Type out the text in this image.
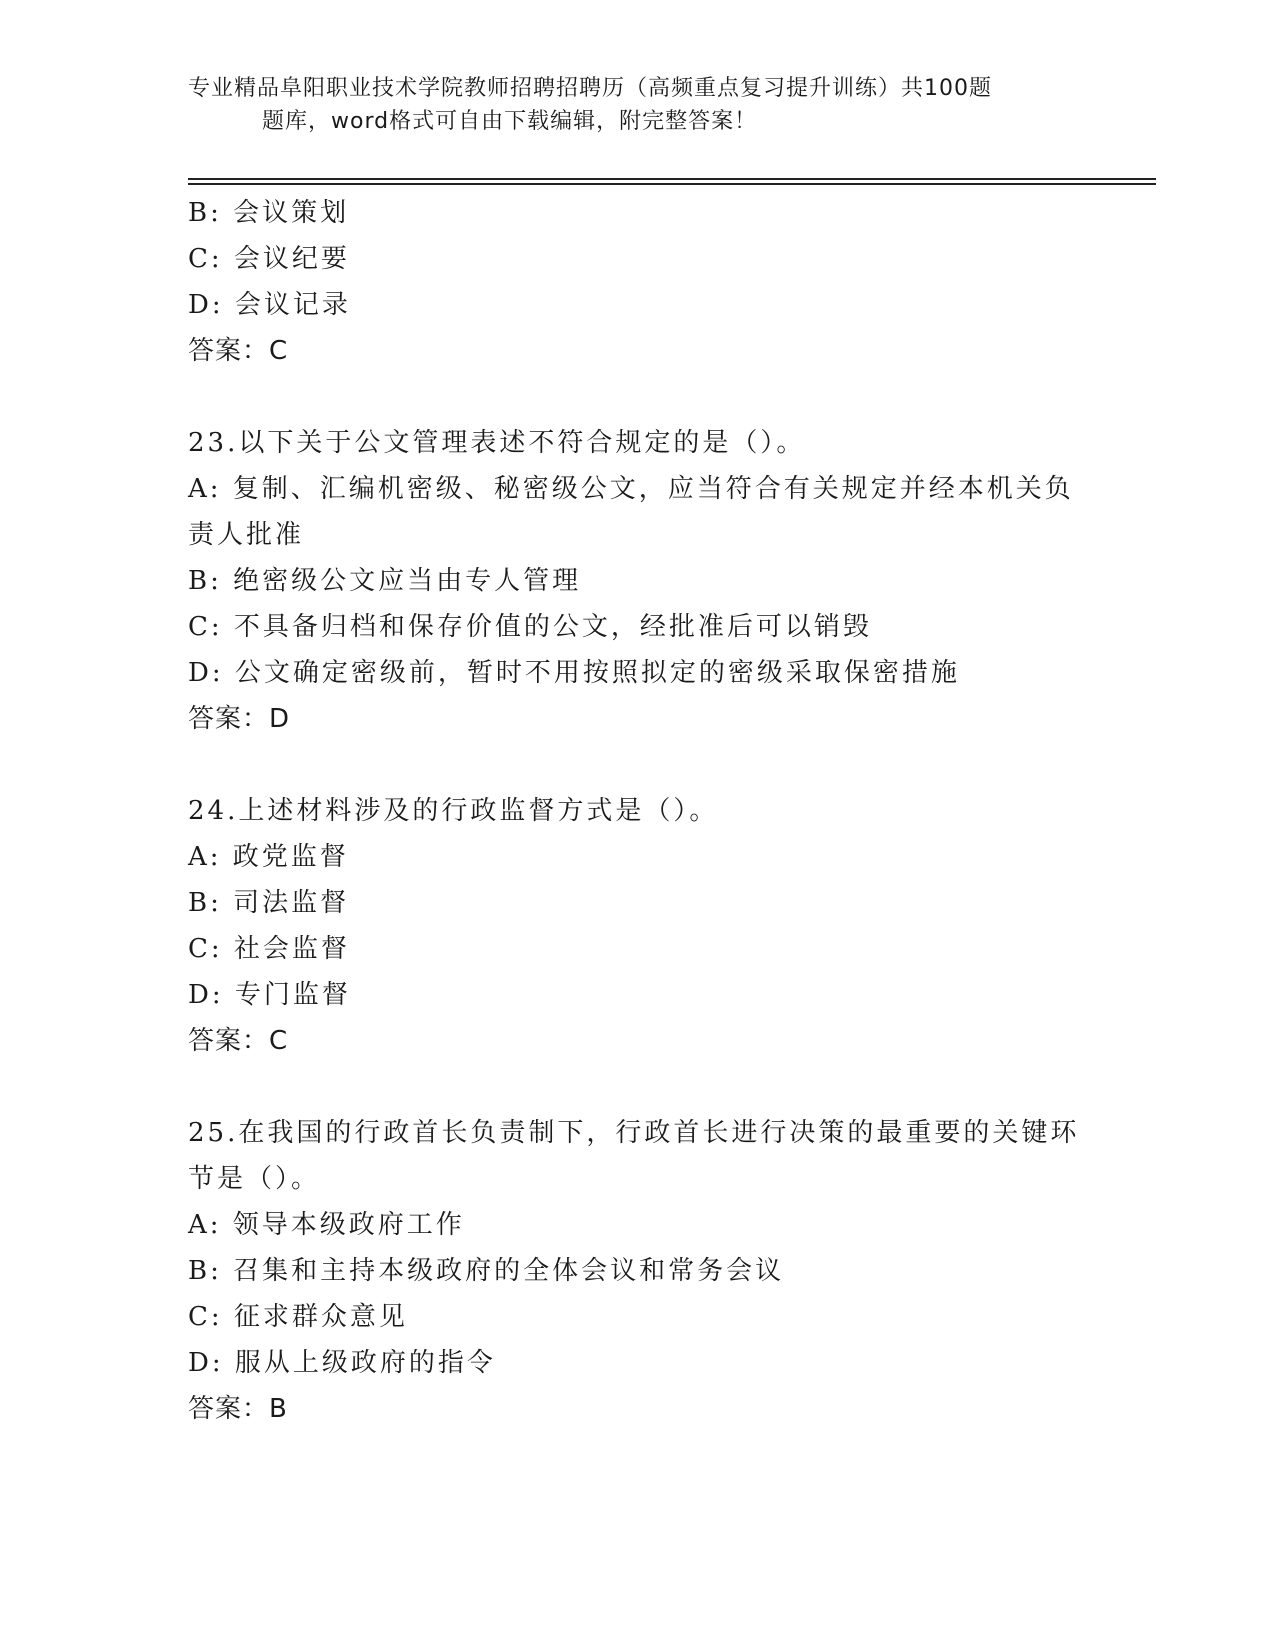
专业精品阜阳职业技术学院教师招聘招聘历（高频重点复习提升训练）共100题
题库，word格式可自由下载编辑，附完整答案！
B: 会议策划
C: 会议纪要
D: 会议记录
答案：C
23.以下关于公文管理表述不符合规定的是（）。
A: 复制、汇编机密级、秘密级公文，应当符合有关规定并经本机关负
责人批准
B: 绝密级公文应当由专人管理
C: 不具备归档和保存价值的公文，经批准后可以销毁
D: 公文确定密级前，暂时不用按照拟定的密级采取保密措施
答案：D
24.上述材料涉及的行政监督方式是（）。
A: 政党监督
B: 司法监督
C: 社会监督
D: 专门监督
答案：C
25.在我国的行政首长负责制下，行政首长进行决策的最重要的关键环
节是（）。
A: 领导本级政府工作
B: 召集和主持本级政府的全体会议和常务会议
C: 征求群众意见
D: 服从上级政府的指令
答案：B
